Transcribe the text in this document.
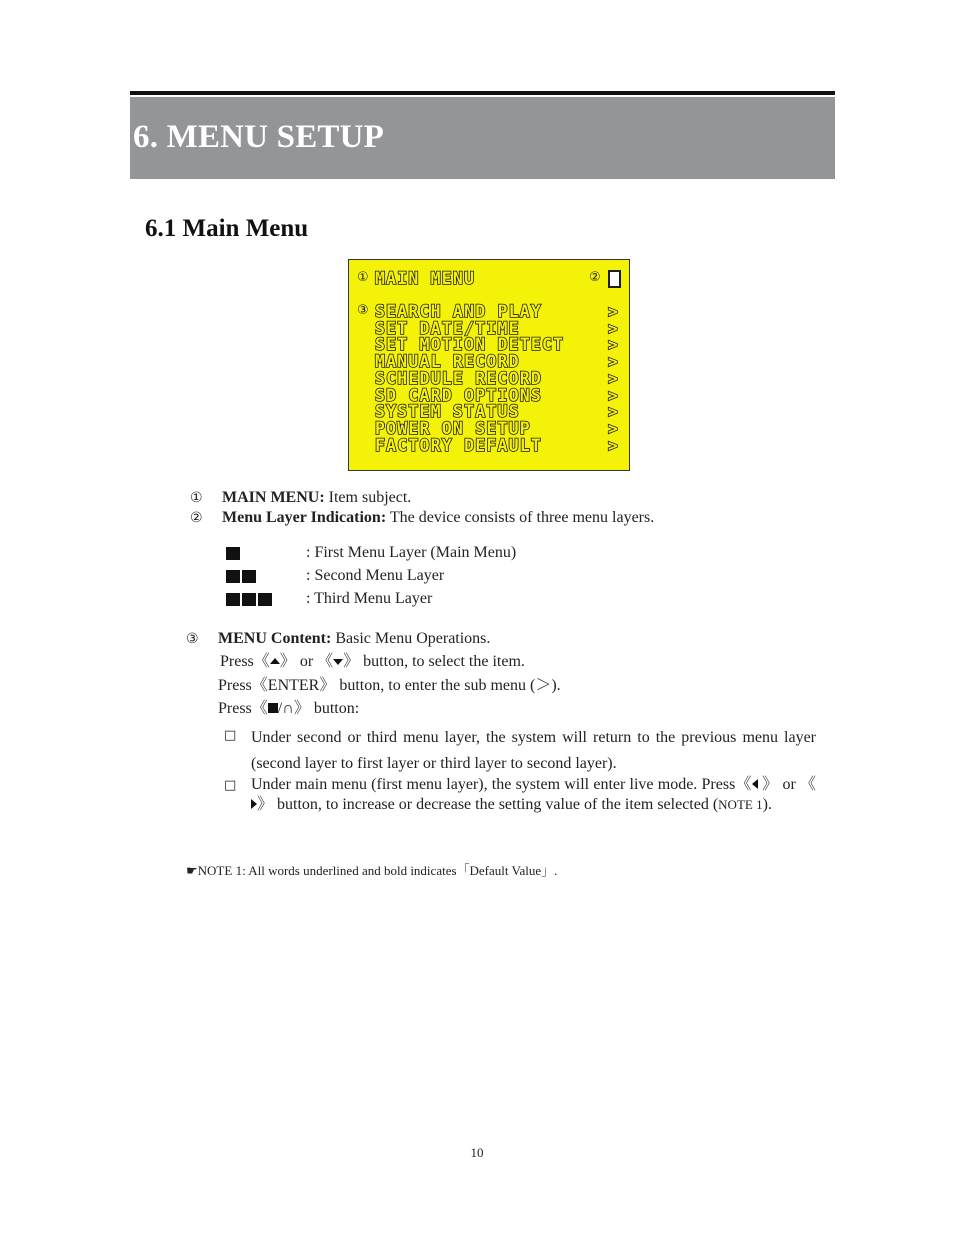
6. MENU SETUP
6.1 Main Menu
① MAIN MENU	②
③ SEARCH AND PLAY	>
SET DATE/TIME	>
SET MOTION DETECT	>
MANUAL RECORD	>
SCHEDULE RECORD	>
SD CARD OPTIONS	>
SYSTEM STATUS	>
POWER ON SETUP	>
FACTORY DEFAULT	>
① MAIN MENU: Item subject.
② Menu Layer Indication: The device consists of three menu layers.
: First Menu Layer (Main Menu)
: Second Menu Layer
: Third Menu Layer
③ MENU Content: Basic Menu Operations.
Press《 》 or 《 》 button, to select the item.
Press《ENTER》 button, to enter the sub menu (＞).
Press《 /∩》 button:
□ Under second or third menu layer, the system will return to the previous menu layer (second layer to first layer or third layer to second layer).
□ Under main menu (first menu layer), the system will enter live mode. Press《 》 or 《》 button, to increase or decrease the setting value of the item selected (NOTE 1).
☛NOTE 1: All words underlined and bold indicates「Default Value」.
10
